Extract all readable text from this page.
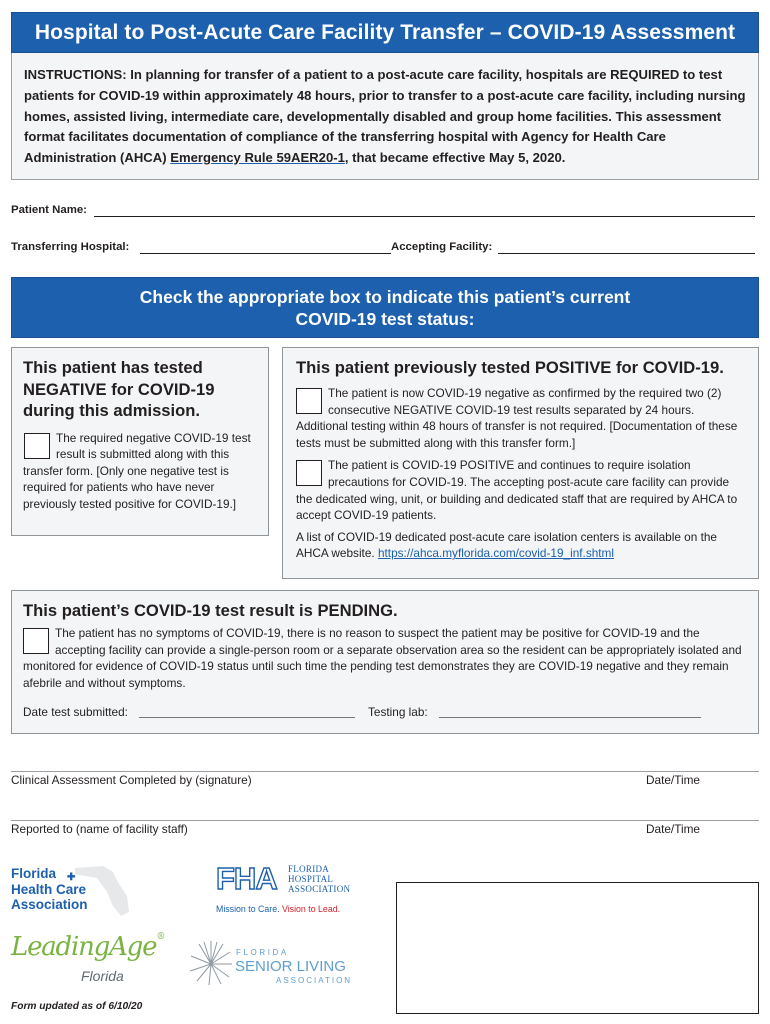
Hospital to Post-Acute Care Facility Transfer – COVID-19 Assessment
INSTRUCTIONS: In planning for transfer of a patient to a post-acute care facility, hospitals are REQUIRED to test patients for COVID-19 within approximately 48 hours, prior to transfer to a post-acute care facility, including nursing homes, assisted living, intermediate care, developmentally disabled and group home facilities. This assessment format facilitates documentation of compliance of the transferring hospital with Agency for Health Care Administration (AHCA) Emergency Rule 59AER20-1, that became effective May 5, 2020.
Patient Name:
Transferring Hospital:	Accepting Facility:
Check the appropriate box to indicate this patient’s current
COVID-19 test status:
This patient has tested
NEGATIVE for COVID-19
during this admission.
The required negative COVID-19 test result is submitted along with this transfer form. [Only one negative test is required for patients who have never previously tested positive for COVID-19.]
This patient previously tested POSITIVE for COVID-19.
The patient is now COVID-19 negative as confirmed by the required two (2) consecutive NEGATIVE COVID-19 test results separated by 24 hours. Additional testing within 48 hours of transfer is not required. [Documentation of these tests must be submitted along with this transfer form.]
The patient is COVID-19 POSITIVE and continues to require isolation precautions for COVID-19. The accepting post-acute care facility can provide the dedicated wing, unit, or building and dedicated staff that are required by AHCA to accept COVID-19 patients.
A list of COVID-19 dedicated post-acute care isolation centers is available on the AHCA website. https://ahca.myflorida.com/covid-19_inf.shtml
This patient’s COVID-19 test result is PENDING.
The patient has no symptoms of COVID-19, there is no reason to suspect the patient may be positive for COVID-19 and the accepting facility can provide a single-person room or a separate observation area so the resident can be appropriately isolated and monitored for evidence of COVID-19 status until such time the pending test demonstrates they are COVID-19 negative and they remain afebrile and without symptoms.
Date test submitted:	Testing lab:
Clinical Assessment Completed by (signature)	Date/Time
Reported to (name of facility staff)	Date/Time
Florida
Health Care
Association
✚	FHA FLORIDA
HOSPITAL
ASSOCIATION
Mission to Care. Vision to Lead.
LeadingAge®
Florida
FLORIDA
SENIOR LIVING
ASSOCIATION
Form updated as of 6/10/20
